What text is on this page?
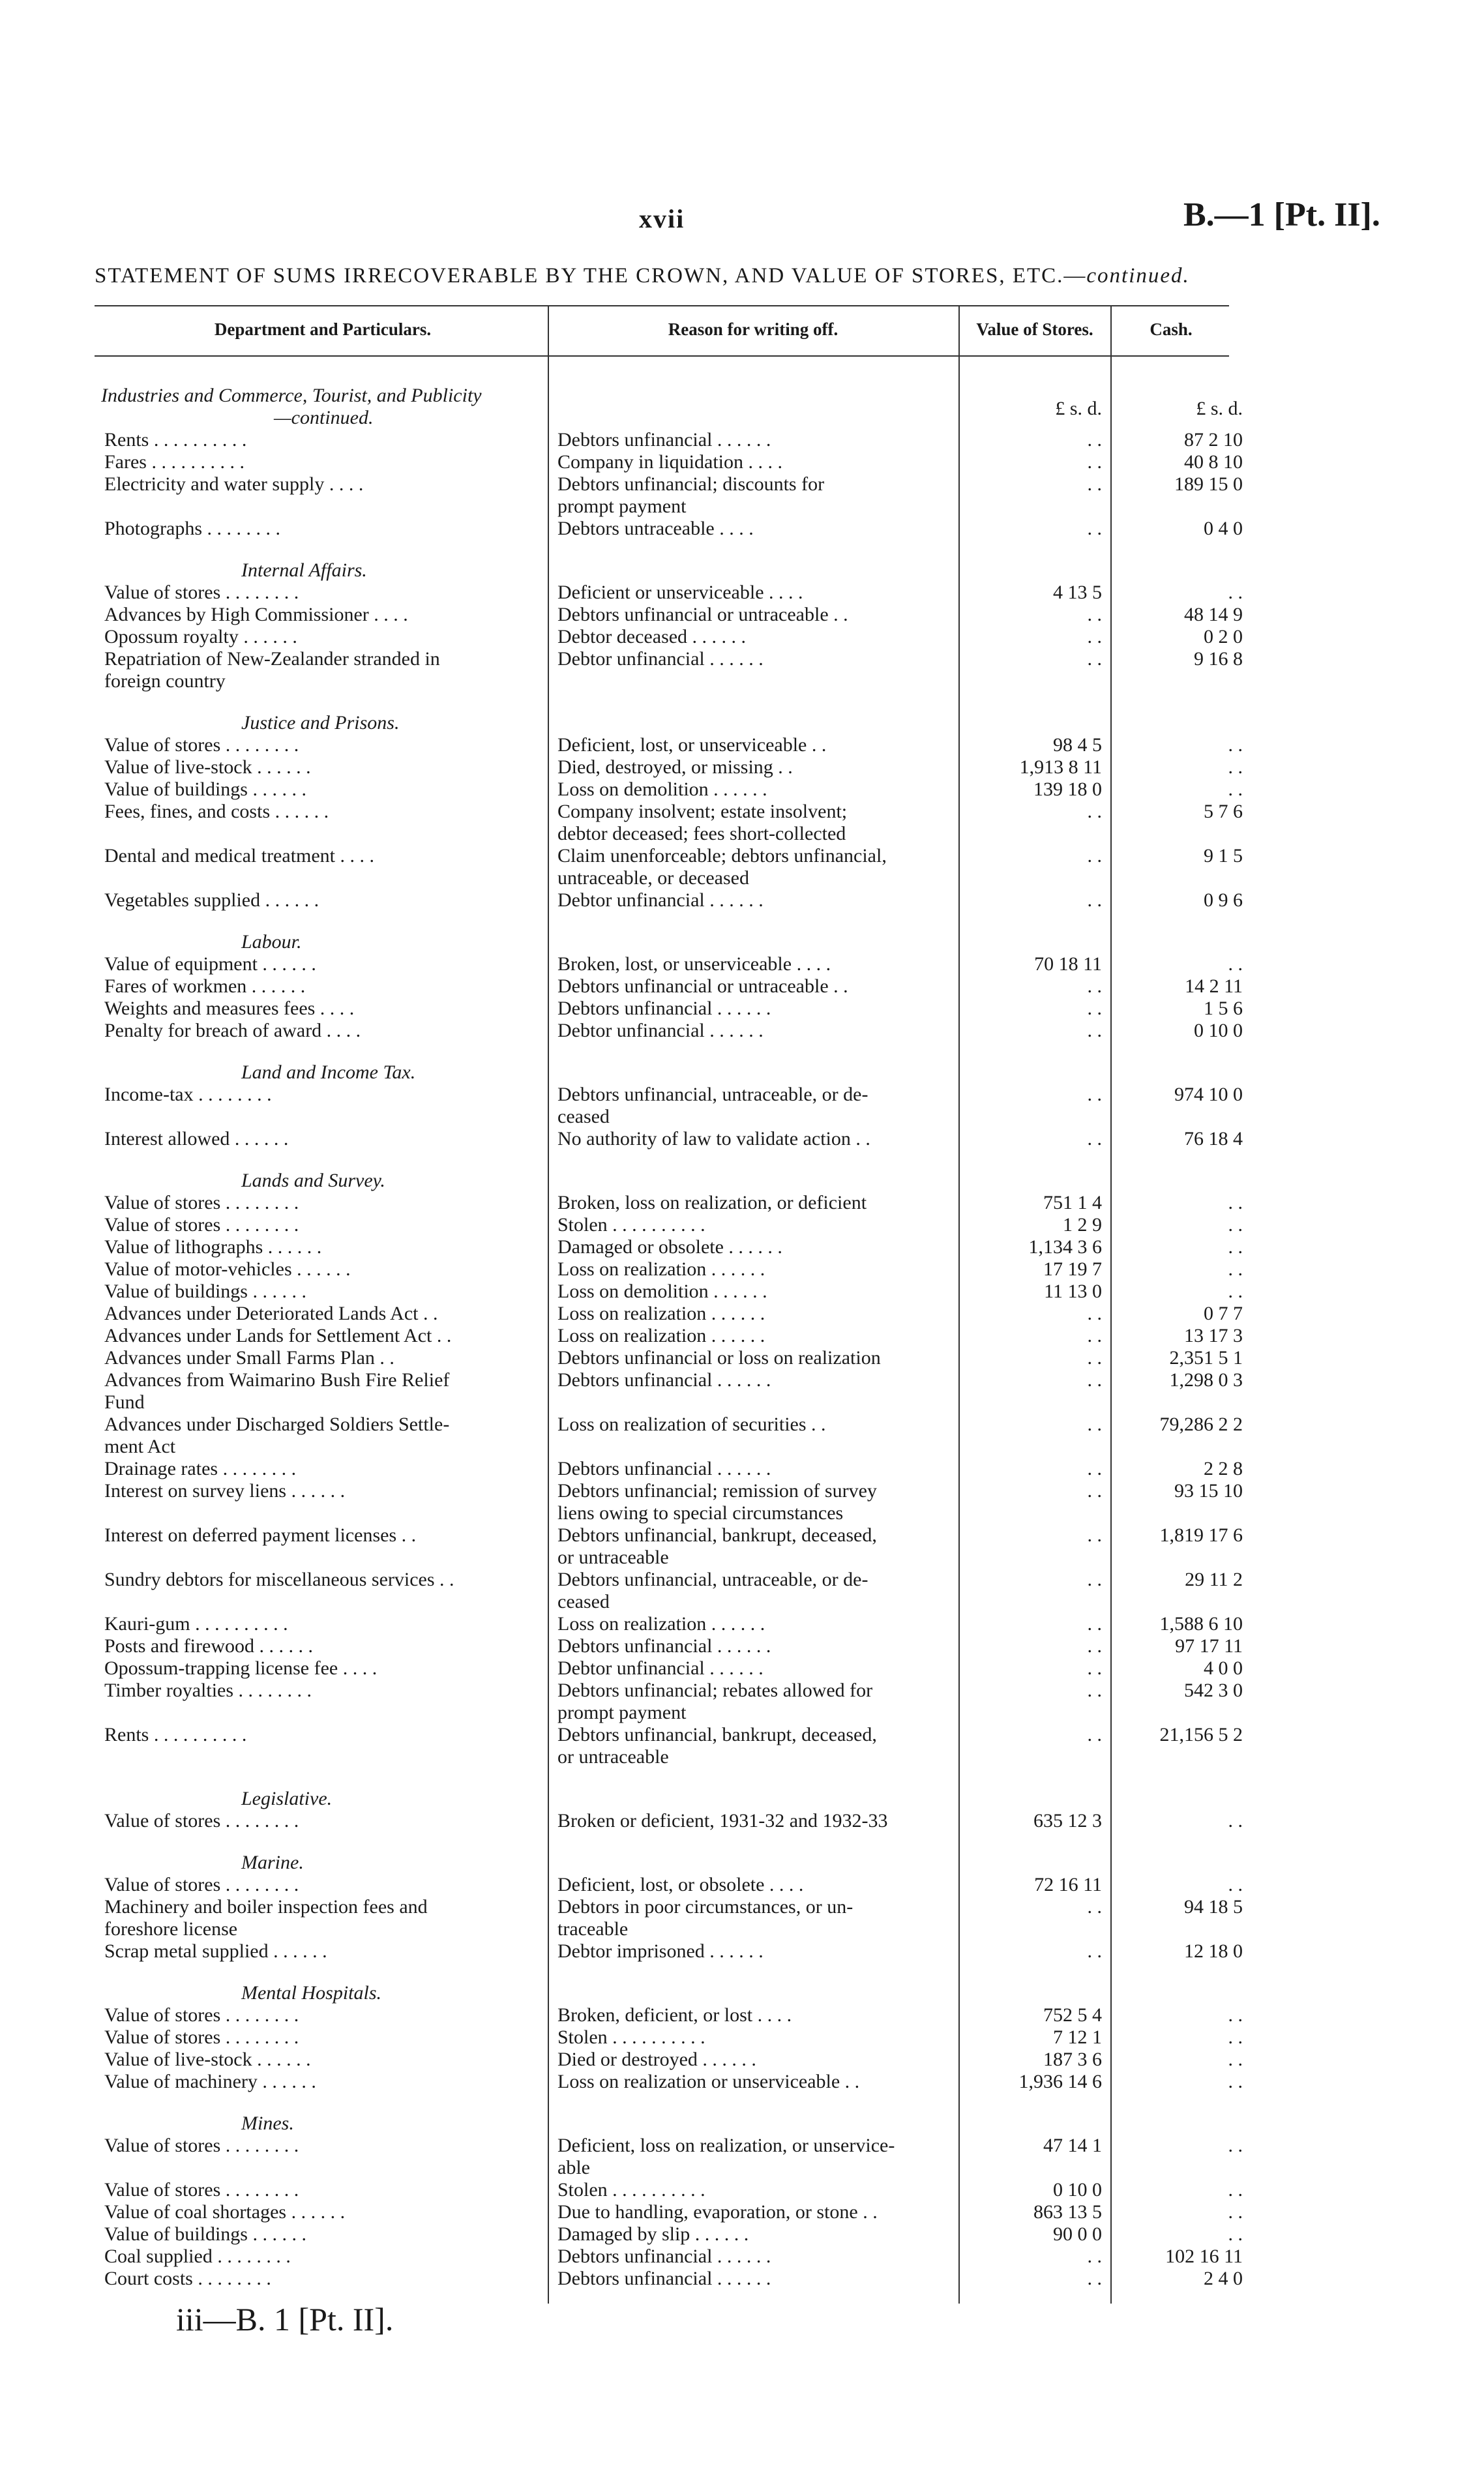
xvii	B.—1 [Pt. II].
STATEMENT OF SUMS IRRECOVERABLE BY THE CROWN, AND VALUE OF STORES, ETC.—continued.
Department and Particulars.	Reason for writing off.	Value of Stores.	Cash.
£ s. d.	£ s. d.
Industries and Commerce, Tourist, and Publicity
—continued.
Rents . . . . . . . . . .	Debtors unfinancial . . . . . .	. .	87 2 10
Fares . . . . . . . . . .	Company in liquidation . . . .	. .	40 8 10
Electricity and water supply . . . .	Debtors unfinancial; discounts for	. .	189 15 0
prompt payment
Photographs . . . . . . . .	Debtors untraceable . . . .	. .	0 4 0
Internal Affairs.
Value of stores . . . . . . . .	Deficient or unserviceable . . . .	4 13 5	. .
Advances by High Commissioner . . . .	Debtors unfinancial or untraceable . .	. .	48 14 9
Opossum royalty . . . . . .	Debtor deceased . . . . . .	. .	0 2 0
Repatriation of New-Zealander stranded in	Debtor unfinancial . . . . . .	. .	9 16 8
foreign country
Justice and Prisons.
Value of stores . . . . . . . .	Deficient, lost, or unserviceable . .	98 4 5	. .
Value of live-stock . . . . . .	Died, destroyed, or missing . .	1,913 8 11	. .
Value of buildings . . . . . .	Loss on demolition . . . . . .	139 18 0	. .
Fees, fines, and costs . . . . . .	Company insolvent; estate insolvent;	. .	5 7 6
debtor deceased; fees short-collected
Dental and medical treatment . . . .	Claim unenforceable; debtors unfinancial,	. .	9 1 5
untraceable, or deceased
Vegetables supplied . . . . . .	Debtor unfinancial . . . . . .	. .	0 9 6
Labour.
Value of equipment . . . . . .	Broken, lost, or unserviceable . . . .	70 18 11	. .
Fares of workmen . . . . . .	Debtors unfinancial or untraceable . .	. .	14 2 11
Weights and measures fees . . . .	Debtors unfinancial . . . . . .	. .	1 5 6
Penalty for breach of award . . . .	Debtor unfinancial . . . . . .	. .	0 10 0
Land and Income Tax.
Income-tax . . . . . . . .	Debtors unfinancial, untraceable, or de-	. .	974 10 0
ceased
Interest allowed . . . . . .	No authority of law to validate action . .	. .	76 18 4
Lands and Survey.
Value of stores . . . . . . . .	Broken, loss on realization, or deficient	751 1 4	. .
Value of stores . . . . . . . .	Stolen . . . . . . . . . .	1 2 9	. .
Value of lithographs . . . . . .	Damaged or obsolete . . . . . .	1,134 3 6	. .
Value of motor-vehicles . . . . . .	Loss on realization . . . . . .	17 19 7	. .
Value of buildings . . . . . .	Loss on demolition . . . . . .	11 13 0	. .
Advances under Deteriorated Lands Act . .	Loss on realization . . . . . .	. .	0 7 7
Advances under Lands for Settlement Act . .	Loss on realization . . . . . .	. .	13 17 3
Advances under Small Farms Plan . .	Debtors unfinancial or loss on realization	. .	2,351 5 1
Advances from Waimarino Bush Fire Relief	Debtors unfinancial . . . . . .	. .	1,298 0 3
Fund
Advances under Discharged Soldiers Settle-	Loss on realization of securities . .	. .	79,286 2 2
ment Act
Drainage rates . . . . . . . .	Debtors unfinancial . . . . . .	. .	2 2 8
Interest on survey liens . . . . . .	Debtors unfinancial; remission of survey	. .	93 15 10
liens owing to special circumstances
Interest on deferred payment licenses . .	Debtors unfinancial, bankrupt, deceased,	. .	1,819 17 6
or untraceable
Sundry debtors for miscellaneous services . .	Debtors unfinancial, untraceable, or de-	. .	29 11 2
ceased
Kauri-gum . . . . . . . . . .	Loss on realization . . . . . .	. .	1,588 6 10
Posts and firewood . . . . . .	Debtors unfinancial . . . . . .	. .	97 17 11
Opossum-trapping license fee . . . .	Debtor unfinancial . . . . . .	. .	4 0 0
Timber royalties . . . . . . . .	Debtors unfinancial; rebates allowed for	. .	542 3 0
prompt payment
Rents . . . . . . . . . .	Debtors unfinancial, bankrupt, deceased,	. .	21,156 5 2
or untraceable
Legislative.
Value of stores . . . . . . . .	Broken or deficient, 1931-32 and 1932-33	635 12 3	. .
Marine.
Value of stores . . . . . . . .	Deficient, lost, or obsolete . . . .	72 16 11	. .
Machinery and boiler inspection fees and	Debtors in poor circumstances, or un-	. .	94 18 5
foreshore license	traceable
Scrap metal supplied . . . . . .	Debtor imprisoned . . . . . .	. .	12 18 0
Mental Hospitals.
Value of stores . . . . . . . .	Broken, deficient, or lost . . . .	752 5 4	. .
Value of stores . . . . . . . .	Stolen . . . . . . . . . .	7 12 1	. .
Value of live-stock . . . . . .	Died or destroyed . . . . . .	187 3 6	. .
Value of machinery . . . . . .	Loss on realization or unserviceable . .	1,936 14 6	. .
Mines.
Value of stores . . . . . . . .	Deficient, loss on realization, or unservice-	47 14 1	. .
able
Value of stores . . . . . . . .	Stolen . . . . . . . . . .	0 10 0	. .
Value of coal shortages . . . . . .	Due to handling, evaporation, or stone . .	863 13 5	. .
Value of buildings . . . . . .	Damaged by slip . . . . . .	90 0 0	. .
Coal supplied . . . . . . . .	Debtors unfinancial . . . . . .	. .	102 16 11
Court costs . . . . . . . .	Debtors unfinancial . . . . . .	. .	2 4 0
iii—B. 1 [Pt. II].
